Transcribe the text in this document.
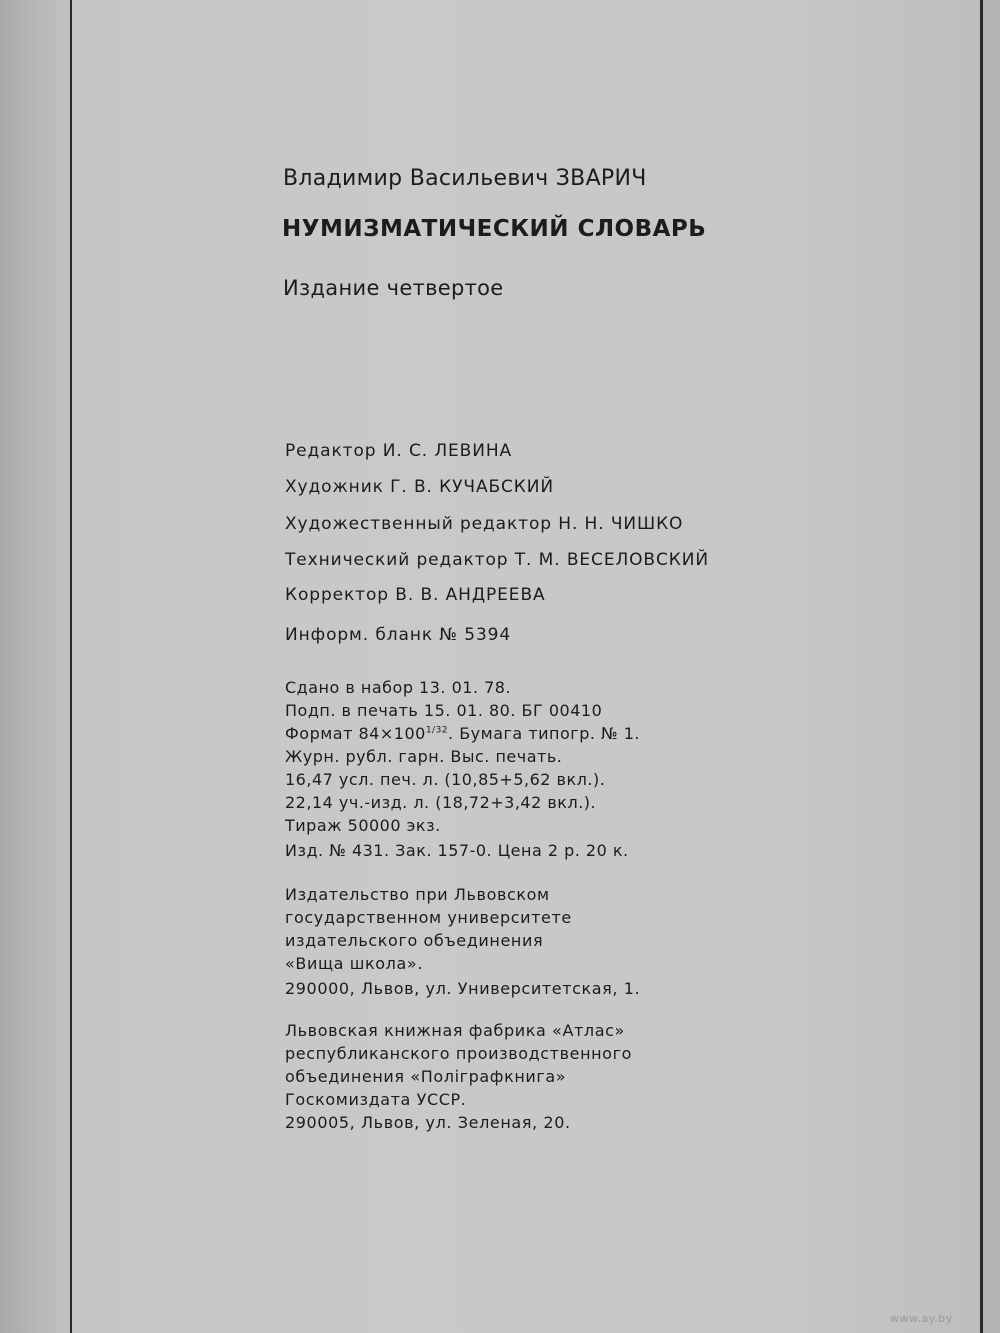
Владимир Васильевич ЗВАРИЧ
НУМИЗМАТИЧЕСКИЙ СЛОВАРЬ
Издание четвертое
Редактор И. С. ЛЕВИНА
Художник Г. В. КУЧАБСКИЙ
Художественный редактор Н. Н. ЧИШКО
Технический редактор Т. М. ВЕСЕЛОВСКИЙ
Корректор В. В. АНДРЕЕВА
Информ. бланк № 5394
Сдано в набор 13. 01. 78.
Подп. в печать 15. 01. 80. БГ 00410
Формат $84\times 100^{1/32}$. Бумага типогр. № 1.
Журн. рубл. гарн. Выс. печать.
16,47 усл. печ. л. (10,85+5,62 вкл.).
22,14 уч.-изд. л. (18,72+3,42 вкл.).
Тираж 50000 экз.
Изд. № 431. Зак. 157-0. Цена 2 р. 20 к.
Издательство при Львовском
государственном университете
издательского объединения
«Вища школа».
290000, Львов, ул. Университетская, 1.
Львовская книжная фабрика «Атлас»
республиканского производственного
объединения «Поліграфкнига»
Госкомиздата УССР.
290005, Львов, ул. Зеленая, 20.
www.ay.by
